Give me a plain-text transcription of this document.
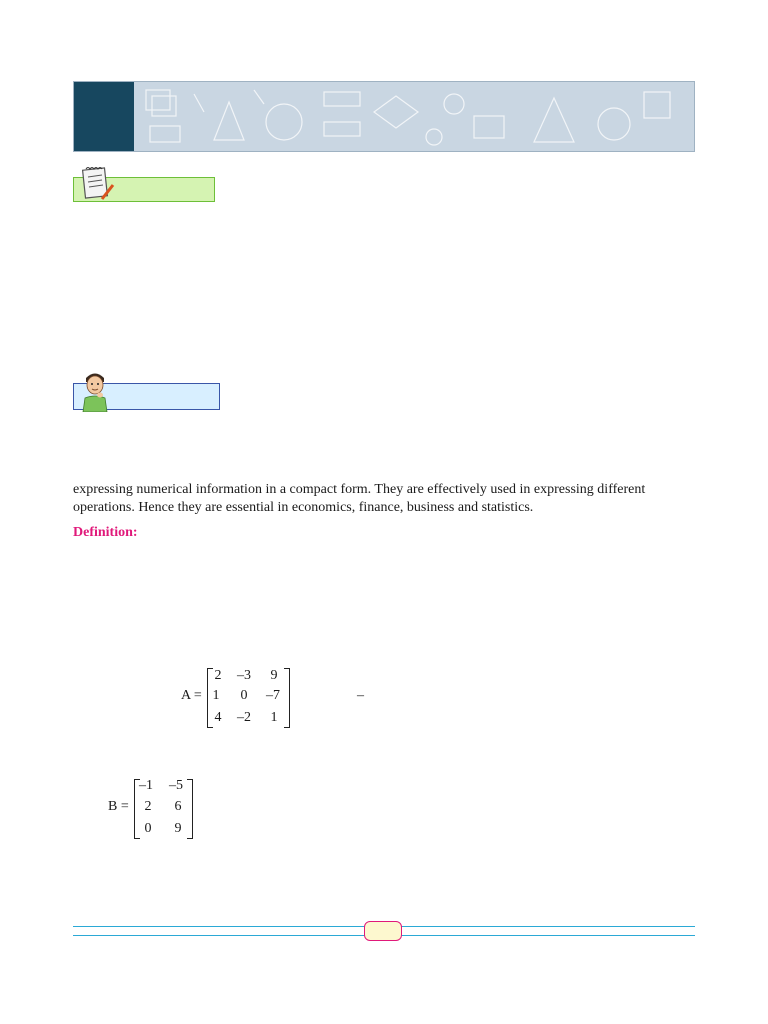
expressing numerical information in a compact form. They are effectively used in expressing different

operations. Hence they are essential in economics, finance, business and statistics.

Definition:
A =
2	–3	9
1	0	–7
4	–2	1
–
B =
–1	–5
2	6
0	9
